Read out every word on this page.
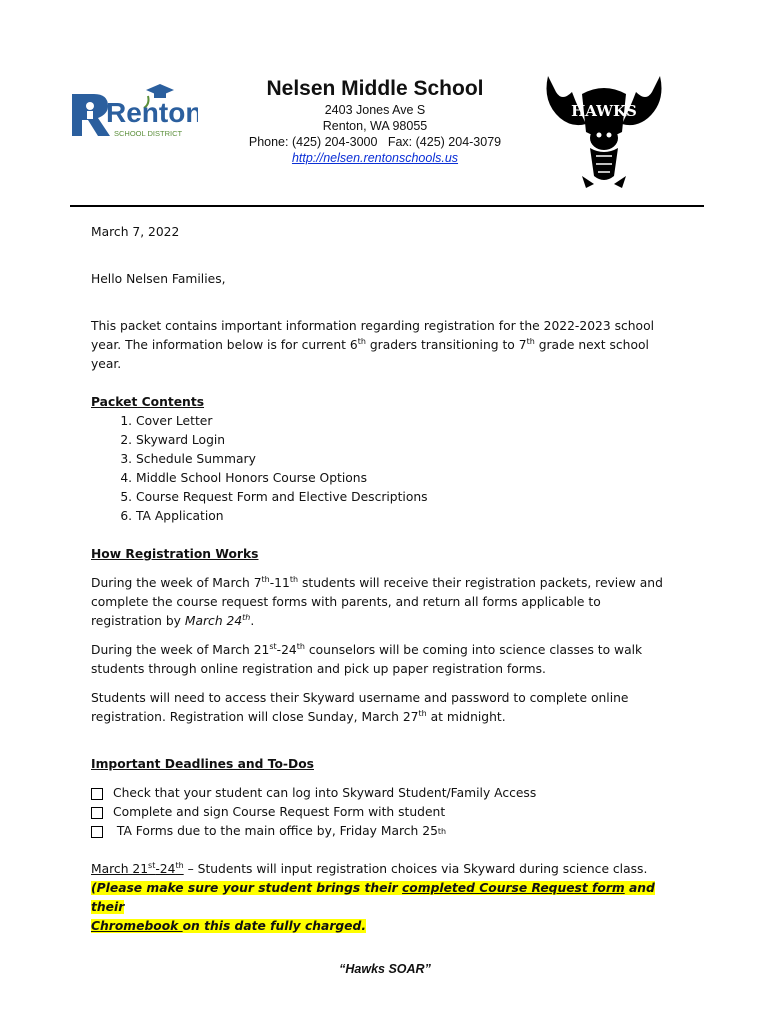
Renton
SCHOOL DISTRICT
Nelsen Middle School
2403 Jones Ave S
Renton, WA 98055
Phone: (425) 204-3000   Fax: (425) 204-3079
http://nelsen.rentonschools.us
HAWKS

March 7, 2022

Hello Nelsen Families,

This packet contains important information regarding registration for the 2022-2023 school year. The information below is for current 6th graders transitioning to 7th grade next school year.

Packet Contents

1. Cover Letter
2. Skyward Login
3. Schedule Summary
4. Middle School Honors Course Options
5. Course Request Form and Elective Descriptions
6. TA Application

How Registration Works

During the week of March 7th-11th students will receive their registration packets, review and complete the course request forms with parents, and return all forms applicable to registration by March 24th.

During the week of March 21st-24th counselors will be coming into science classes to walk students through online registration and pick up paper registration forms.

Students will need to access their Skyward username and password to complete online registration. Registration will close Sunday, March 27th at midnight.

Important Deadlines and To-Dos

Check that your student can log into Skyward Student/Family Access
Complete and sign Course Request Form with student
TA Forms due to the main office by, Friday March 25 th

March 21st-24th – Students will input registration choices via Skyward during science class.
(Please make sure your student brings their completed Course Request form and their
Chromebook on this date fully charged.

“Hawks SOAR”
